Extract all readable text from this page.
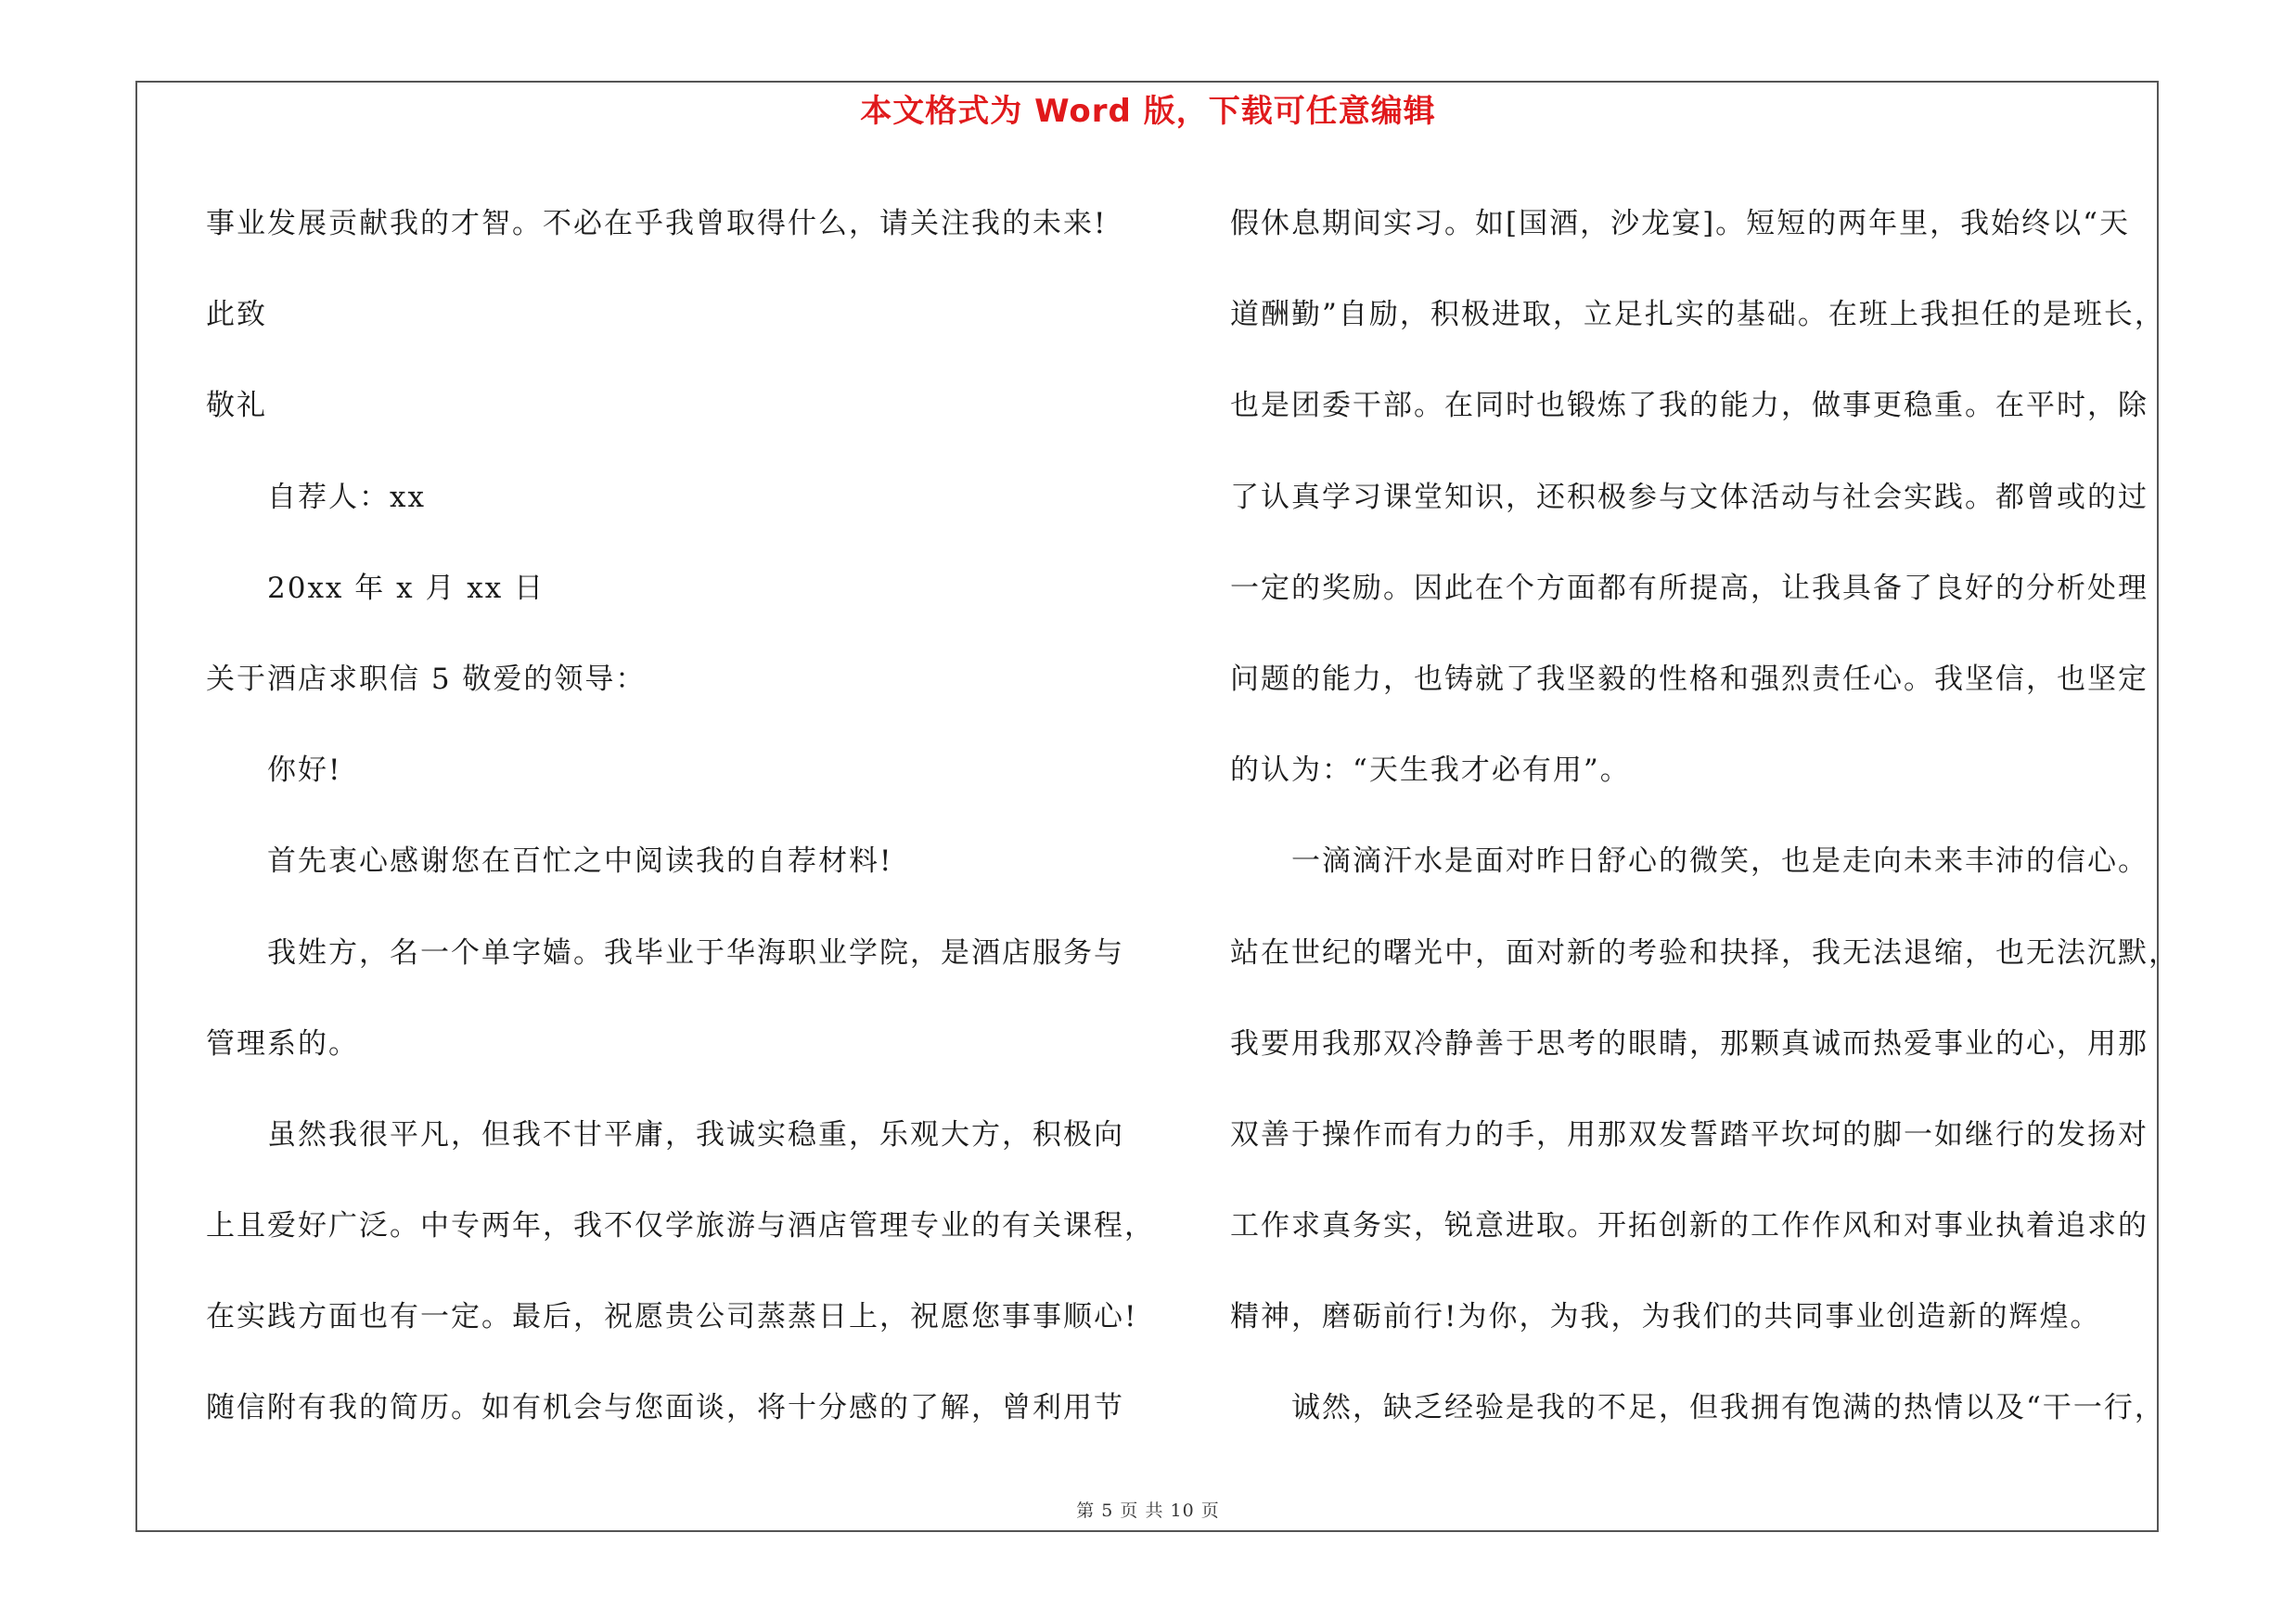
本文格式为 Word 版，下载可任意编辑
事业发展贡献我的才智。不必在乎我曾取得什么，请关注我的未来!
此致
敬礼
自荐人：xx
20xx 年 x 月 xx 日
关于酒店求职信 5 敬爱的领导：
你好!
首先衷心感谢您在百忙之中阅读我的自荐材料!
我姓方，名一个单字嫱。我毕业于华海职业学院，是酒店服务与
管理系的。
虽然我很平凡，但我不甘平庸，我诚实稳重，乐观大方，积极向
上且爱好广泛。中专两年，我不仅学旅游与酒店管理专业的有关课程，
在实践方面也有一定。最后，祝愿贵公司蒸蒸日上，祝愿您事事顺心!
随信附有我的简历。如有机会与您面谈，将十分感的了解，曾利用节
假休息期间实习。如[国酒，沙龙宴]。短短的两年里，我始终以“天
道酬勤”自励，积极进取，立足扎实的基础。在班上我担任的是班长，
也是团委干部。在同时也锻炼了我的能力，做事更稳重。在平时，除
了认真学习课堂知识，还积极参与文体活动与社会实践。都曾或的过
一定的奖励。因此在个方面都有所提高，让我具备了良好的分析处理
问题的能力，也铸就了我坚毅的性格和强烈责任心。我坚信，也坚定
的认为：“天生我才必有用”。
一滴滴汗水是面对昨日舒心的微笑，也是走向未来丰沛的信心。
站在世纪的曙光中，面对新的考验和抉择，我无法退缩，也无法沉默，
我要用我那双冷静善于思考的眼睛，那颗真诚而热爱事业的心，用那
双善于操作而有力的手，用那双发誓踏平坎坷的脚一如继行的发扬对
工作求真务实，锐意进取。开拓创新的工作作风和对事业执着追求的
精神，磨砺前行!为你，为我，为我们的共同事业创造新的辉煌。
诚然，缺乏经验是我的不足，但我拥有饱满的热情以及“干一行，
第 5 页 共 10 页
